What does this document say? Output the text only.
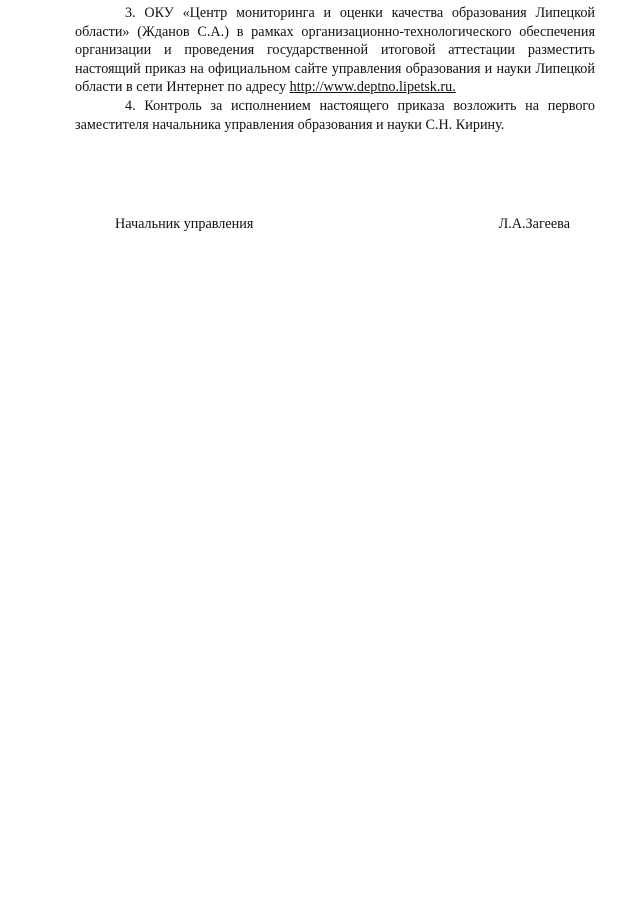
3. ОКУ «Центр мониторинга и оценки качества образования Липецкой области» (Жданов С.А.) в рамках организационно-технологического обеспечения организации и проведения государственной итоговой аттестации разместить настоящий приказ на официальном сайте управления образования и науки Липецкой области в сети Интернет по адресу http://www.deptno.lipetsk.ru.

4. Контроль за исполнением настоящего приказа возложить на первого заместителя начальника управления образования и науки С.Н. Кирину.

Начальник управления	Л.А.Загеева
